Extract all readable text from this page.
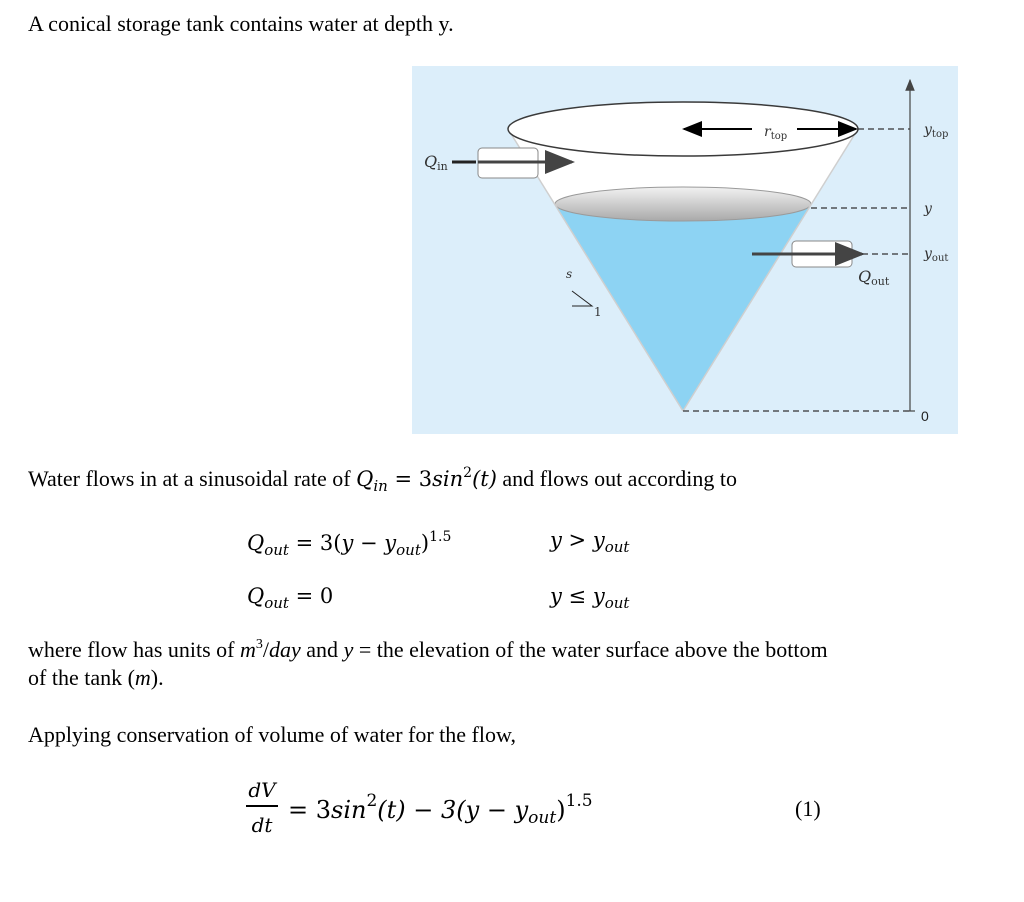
A conical storage tank contains water at depth y.
Qin
$r_{top}$	$y_{top}$
y
$y_{out}$
Qout
0
s
1
Water flows in at a sinusoidal rate of $Q_{in} = 3\sin^2(t)$ and flows out according to
$Q_{out} = 3(y - y_{out})^{1.5}$	$y > y_{out}$
$Q_{out} = 0$	$y \le y_{out}$
where flow has units of $m^3$/day and y = the elevation of the water surface above the bottom
of the tank (m).
Applying conservation of volume of water for the flow,
dV
dt
= $3\sin^2(t) - 3(y - y_{out})^{1.5}$	(1)
